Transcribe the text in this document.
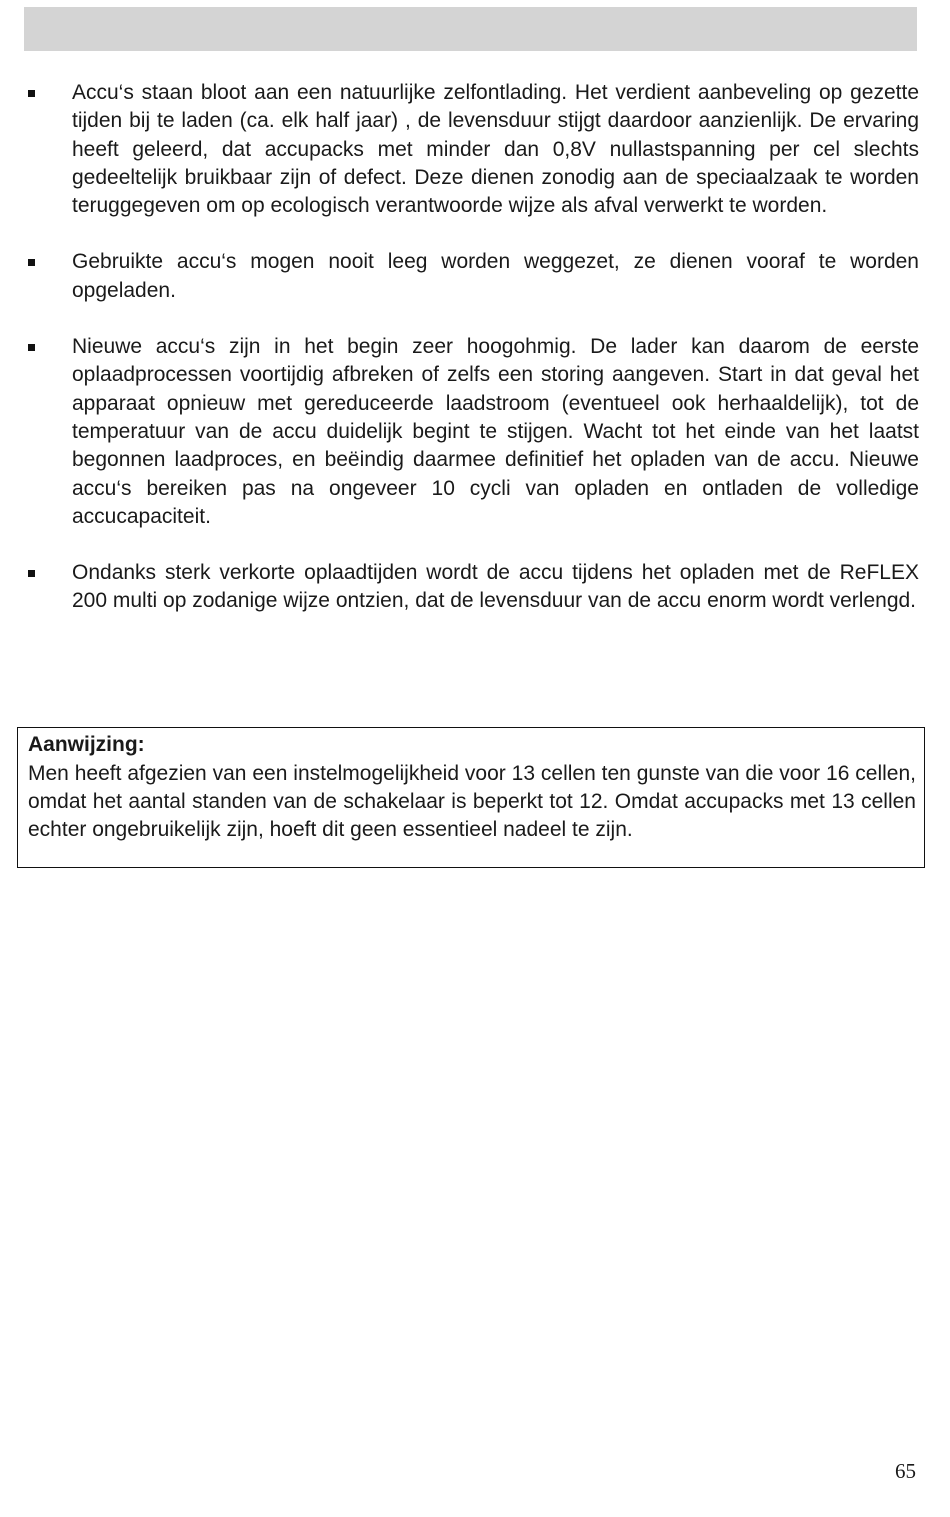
Accu‘s staan bloot aan een natuurlijke zelfontlading. Het verdient aanbeveling op gezette tijden bij te laden (ca. elk half jaar) , de levensduur stijgt daardoor aanzienlijk. De ervaring heeft geleerd, dat accupacks met minder dan 0,8V nullastspanning per cel slechts gedeeltelijk bruikbaar zijn of defect. Deze dienen zonodig aan de speciaalzaak te worden teruggegeven om op ecologisch verantwoorde wijze als afval verwerkt te worden.
Gebruikte accu‘s mogen nooit leeg worden weggezet, ze dienen vooraf te worden opgeladen.
Nieuwe accu‘s zijn in het begin zeer hoogohmig. De lader kan daarom de eerste oplaadprocessen voortijdig afbreken of zelfs een storing aangeven. Start in dat geval het apparaat opnieuw met gereduceerde laadstroom (eventueel ook herhaaldelijk), tot de temperatuur van de accu duidelijk begint te stijgen. Wacht tot het einde van het laatst begonnen laadproces, en beëindig daarmee definitief het opladen van de accu. Nieuwe accu‘s bereiken pas na ongeveer 10 cycli van opladen en ontladen de volledige accucapaciteit.
Ondanks sterk verkorte oplaadtijden wordt de accu tijdens het opladen met de ReFLEX 200 multi op zodanige wijze ontzien, dat de levensduur van de accu enorm wordt verlengd.
Aanwijzing:
Men heeft afgezien van een instelmogelijkheid voor 13 cellen ten gunste van die voor 16 cellen, omdat het aantal standen van de schakelaar is beperkt tot 12. Omdat accupacks met 13 cellen echter ongebruikelijk zijn, hoeft dit geen essentieel nadeel te zijn.
65
